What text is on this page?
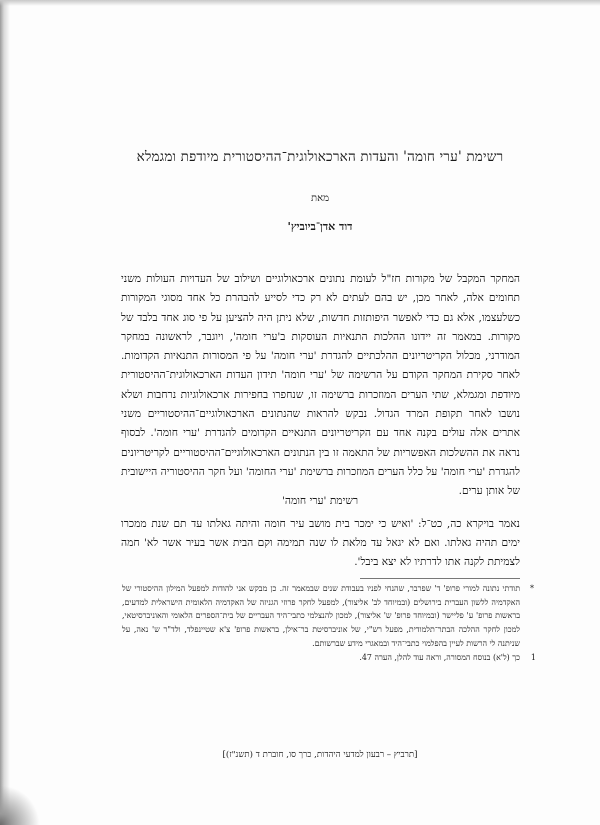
רשימת 'ערי חומה' והעדות הארכאולוגית־ההיסטורית מיודפת ומגמלא
מאת
דוד אדן־ביוביץ'
המחקר המקבל של מקורות חז"ל לעומת נתונים ארכאולוגיים ושילוב של העדויות העולות משני תחומים אלה, לאחר מכן, יש בהם לעתים לא רק כדי לסייע להבהרת כל אחד מסוגי המקורות כשלעצמו, אלא גם כדי לאפשר היפותזות חדשות, שלא ניתן היה להציען על פי סוג אחד בלבד של מקורות. במאמר זה יידונו ההלכות התנאיות העוסקות ב'ערי חומה', ויוגבר, לראשונה במחקר המודרני, מכלול הקריטריונים ההלכתיים להגדרת 'ערי חומה' על פי המסורות התנאיות הקדומות. לאחר סקירת המחקר הקודם על הרשימה של 'ערי חומה' תידון העדות הארכאולוגית־ההיסטורית מיודפת ומגמלא, שתי הערים המוזכרות ברשימה זו, שנחפרו בחפירות ארכאולוגיות נרחבות ושלא נושבו לאחר תקופת המרד הגדול. נבקש להראות שהנתונים הארכאולוגיים־ההיסטוריים משני אתרים אלה עולים בקנה אחד עם הקריטריונים התנאיים הקדומים להגדרת 'ערי חומה'. לבסוף נראה את ההשלכות האפשריות של התאמה זו בין הנתונים הארכאולוגיים־ההיסטוריים לקריטריונים להגדרת 'ערי חומה' על כלל הערים המוזכרות ברשימת 'ערי החומה' ועל חקר ההיסטוריה היישובית של אותן ערים.
רשימת 'ערי חומה'
נאמר בויקרא כה, כט־ל: 'ואיש כי ימכר בית מושב עיר חומה והיתה גאלתו עד תם שנת ממכרו ימים תהיה גאלתו. ואם לא יגאל עד מלאת לו שנה תמימה וקם הבית אשר בעיר אשר לא' חמה לצמיתת לקנה אתו לדרתיו לא יצא ביבל'.
*
תודתי נתונה למורי פרופ' ד' שפרבר, שהנחי לפניו בעבודת שנים שבמאמר זה. כן מבקש אני להודות למפעל המילון ההיסטורי של האקדמיה ללשון העברית בירושלים (ובמיוחד לב' אליצור), למפעל לחקר פרוזי הגניזה של האקדמיה הלאומית הישראלית למדעים, בראשות פרופ' ע' פליישר (ובמיוחד פרופ' ש' אליצור), למכון להנצלמי כתבי־היד העבריים של בית־הספרים הלאומי והאוניברסיטאי, למכון לחקר ההלכה הבתר־תלמודית, מפעל רש"י, של אוניברסיטת בר־אילן, בראשות פרופ' צ'א שטיינפלד, ולד"ר ש' נאה, על שניתנה לי הרשות לעיין בהפלמוי כתבי־היד ובמאגרי מידע שברשותם.
1
כך (ל'א) בנוסח המסורה, וראה עוד להלן, הערה 47.
[תרביץ – רבעון למדעי היהדות, כרך סו, חוברת ד (תשנ"ז)]
